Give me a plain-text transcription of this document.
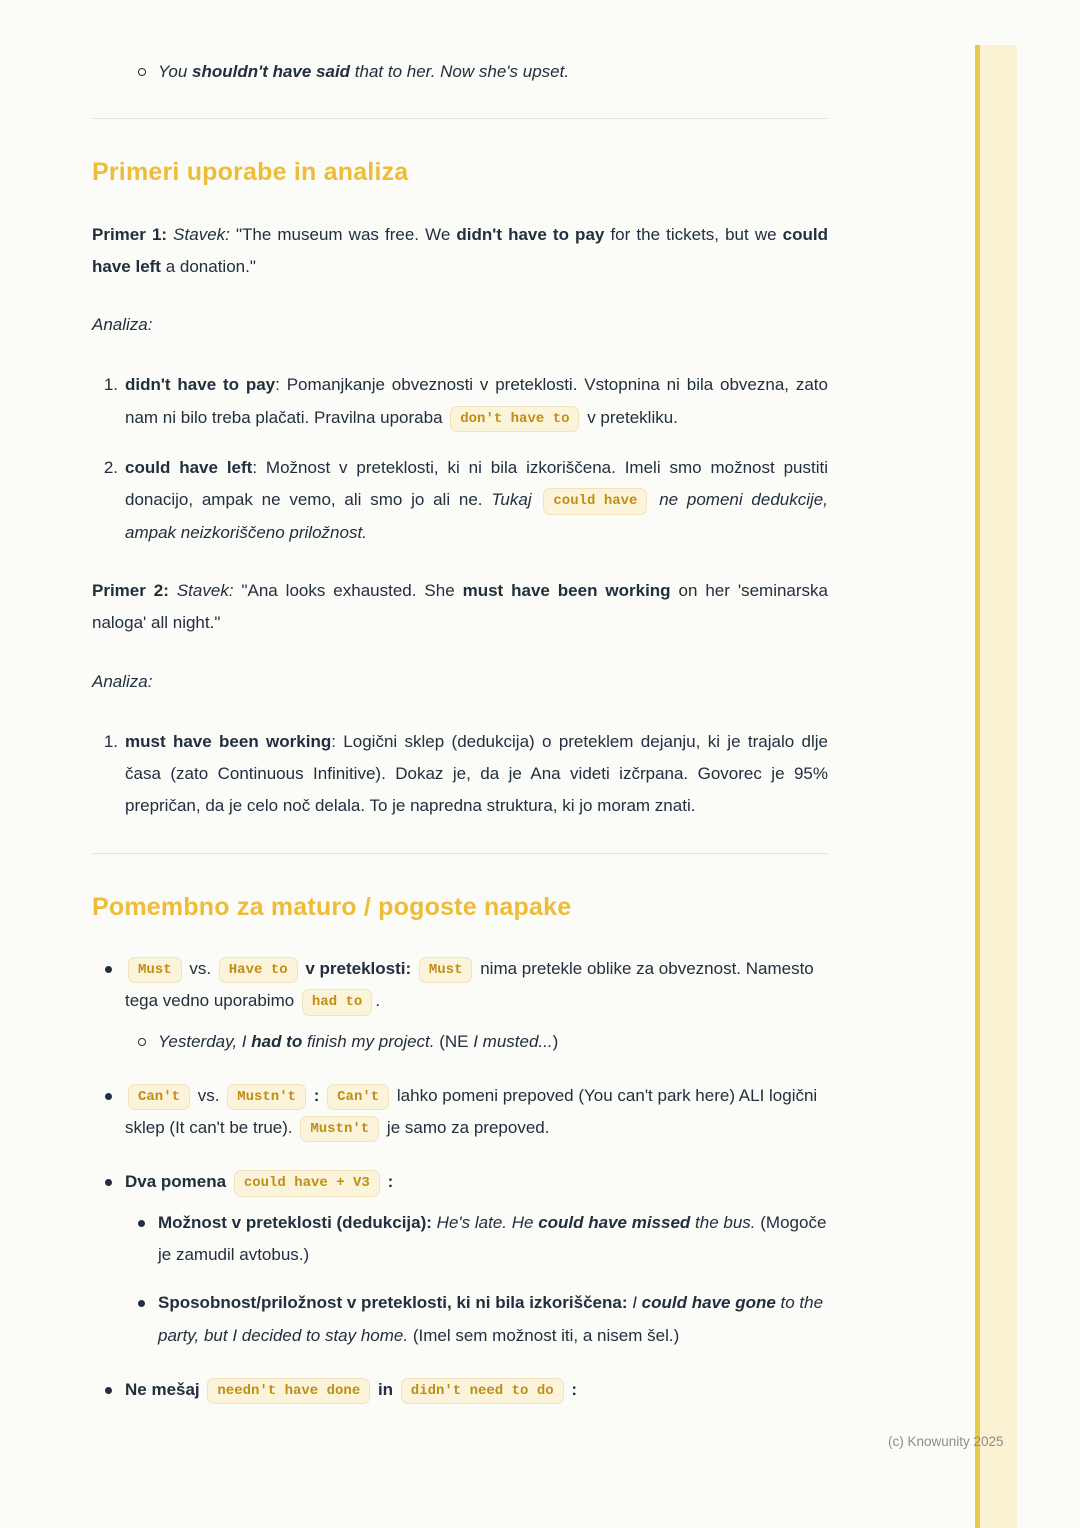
You shouldn't have said that to her. Now she's upset.
Primeri uporabe in analiza

Primer 1: Stavek: "The museum was free. We didn't have to pay for the tickets, but we could have left a donation."

Analiza:

1. didn't have to pay: Pomanjkanje obveznosti v preteklosti. Vstopnina ni bila obvezna, zato nam ni bilo treba plačati. Pravilna uporaba don't have to v pretekliku.
2. could have left: Možnost v preteklosti, ki ni bila izkoriščena. Imeli smo možnost pustiti donacijo, ampak ne vemo, ali smo jo ali ne. Tukaj could have ne pomeni dedukcije, ampak neizkoriščeno priložnost.

Primer 2: Stavek: "Ana looks exhausted. She must have been working on her 'seminarska naloga' all night."

Analiza:

1. must have been working: Logični sklep (dedukcija) o preteklem dejanju, ki je trajalo dlje časa (zato Continuous Infinitive). Dokaz je, da je Ana videti izčrpana. Govorec je 95% prepričan, da je celo noč delala. To je napredna struktura, ki jo moram znati.
Pomembno za maturo / pogoste napake
Must vs. Have to v preteklosti: Must nima pretekle oblike za obveznost. Namesto tega vedno uporabimo had to .
Yesterday, I had to finish my project. (NE I musted...)
Can't vs. Mustn't : Can't lahko pomeni prepoved (You can't park here) ALI logični sklep (It can't be true). Mustn't je samo za prepoved.
Dva pomena could have + V3 :
Možnost v preteklosti (dedukcija): He's late. He could have missed the bus. (Mogoče je zamudil avtobus.)
Sposobnost/priložnost v preteklosti, ki ni bila izkoriščena: I could have gone to the party, but I decided to stay home. (Imel sem možnost iti, a nisem šel.)
Ne mešaj needn't have done in didn't need to do :
(c) Knowunity 2025
